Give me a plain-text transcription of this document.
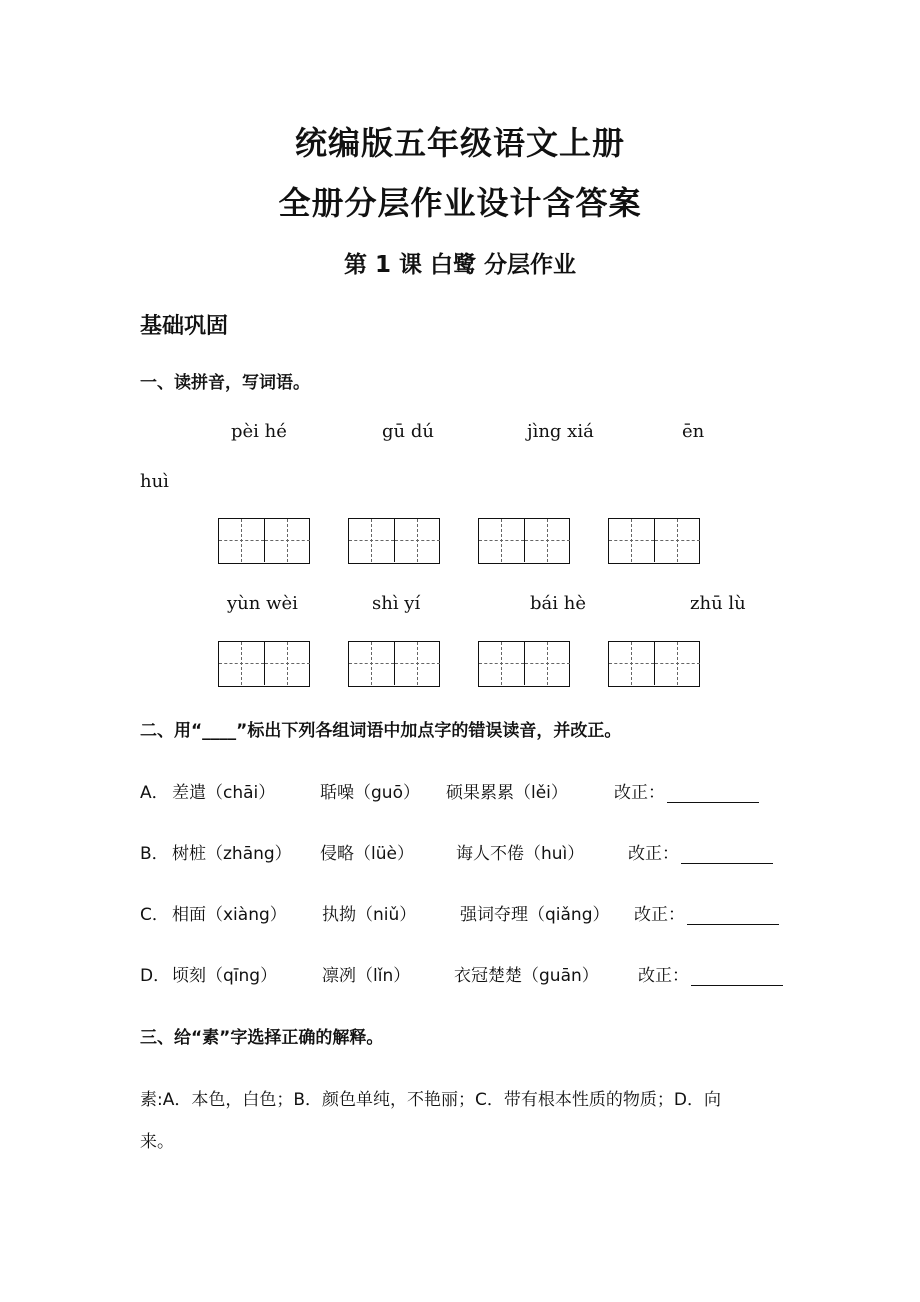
统编版五年级语文上册
全册分层作业设计含答案
第 1 课 白鹭 分层作业
基础巩固
一、读拼音，写词语。
pèi hé	gū dú	jìng xiá	ēn
huì
yùn wèi	shì yí	bái hè	zhū lù
二、用“____”标出下列各组词语中加点字的错误读音，并改正。
A． 差遣（chāi）	聒噪（guō） 硕果累累（lěi）	改正：
B． 树桩（zhāng） 侵略（lüè） 诲人不倦（huì）	改正：
C． 相面（xiàng） 执拗（niǔ）	强词夺理（qiǎng） 改正：
D． 顷刻（qīng）	凛冽（lǐn）	衣冠楚楚（guān） 改正：
三、给“素”字选择正确的解释。
素:A．本色，白色；B．颜色单纯，不艳丽；C．带有根本性质的物质；D．向
来。
